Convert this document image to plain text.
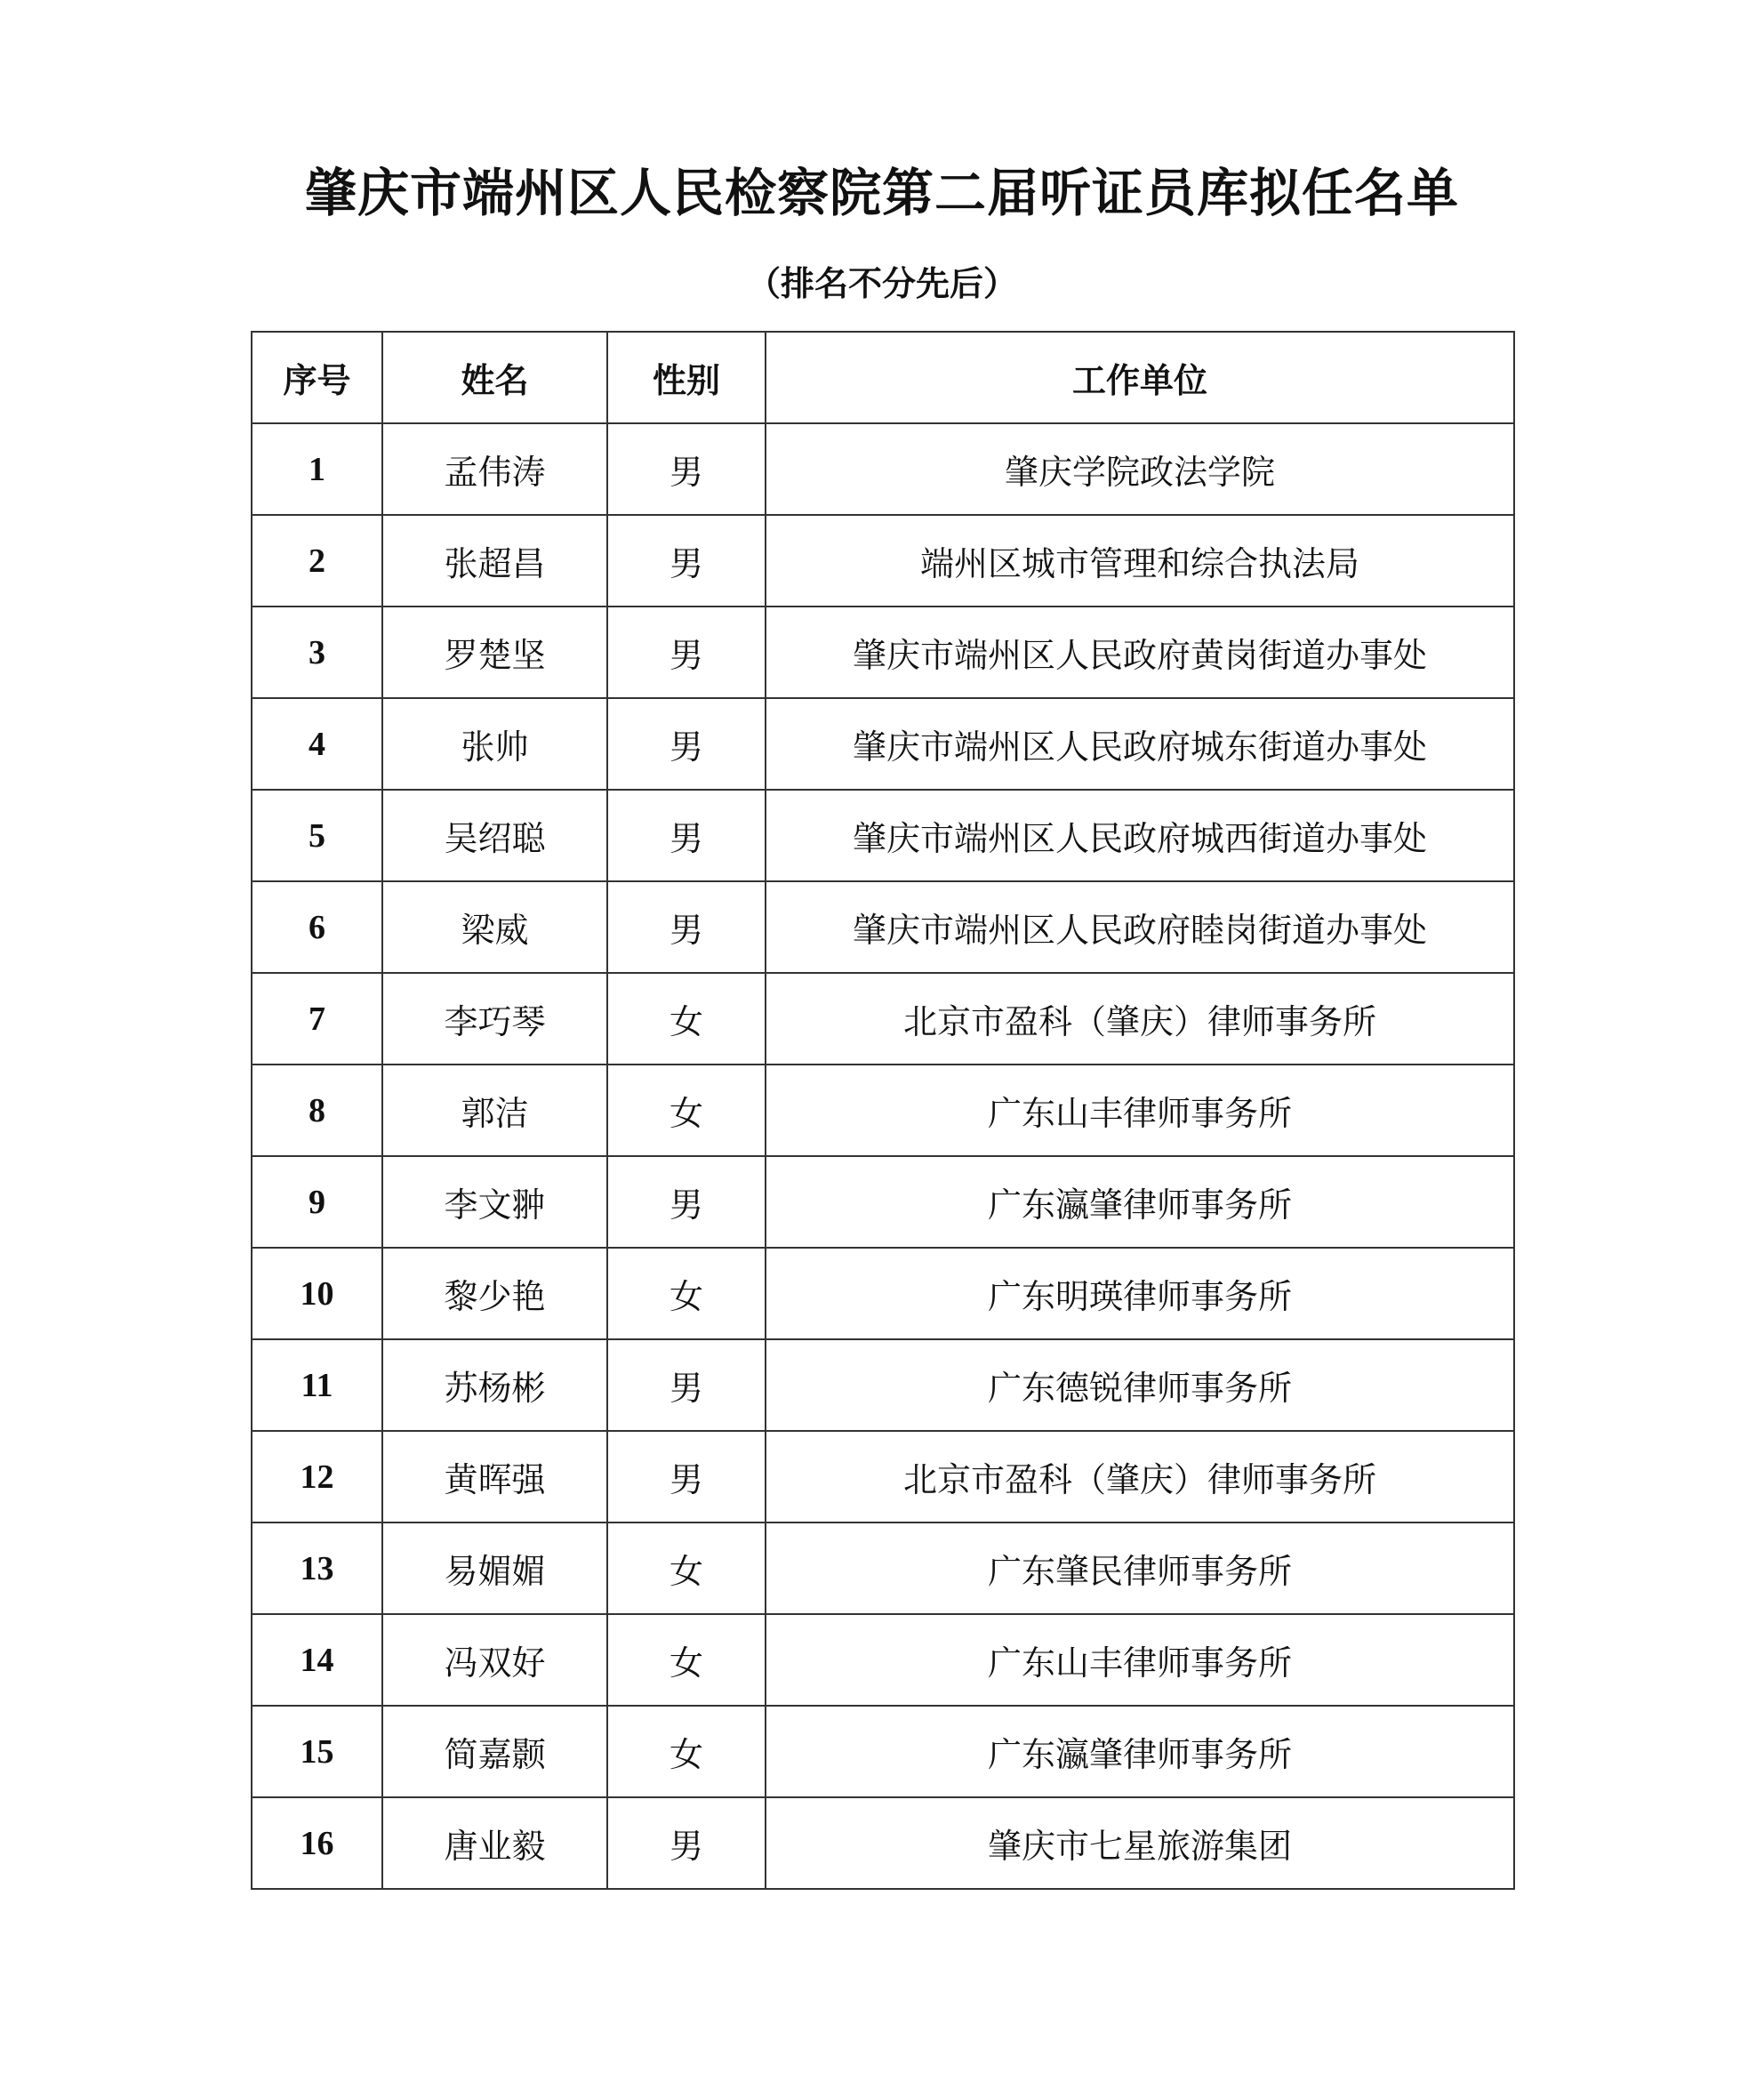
肇庆市端州区人民检察院第二届听证员库拟任名单
（排名不分先后）
序号	姓名	性别	工作单位
1	孟伟涛	男	肇庆学院政法学院
2	张超昌	男	端州区城市管理和综合执法局
3	罗楚坚	男	肇庆市端州区人民政府黄岗街道办事处
4	张帅	男	肇庆市端州区人民政府城东街道办事处
5	吴绍聪	男	肇庆市端州区人民政府城西街道办事处
6	梁威	男	肇庆市端州区人民政府睦岗街道办事处
7	李巧琴	女	北京市盈科（肇庆）律师事务所
8	郭洁	女	广东山丰律师事务所
9	李文翀	男	广东瀛肇律师事务所
10	黎少艳	女	广东明瑛律师事务所
11	苏杨彬	男	广东德锐律师事务所
12	黄晖强	男	北京市盈科（肇庆）律师事务所
13	易媚媚	女	广东肇民律师事务所
14	冯双好	女	广东山丰律师事务所
15	简嘉颢	女	广东瀛肇律师事务所
16	唐业毅	男	肇庆市七星旅游集团
